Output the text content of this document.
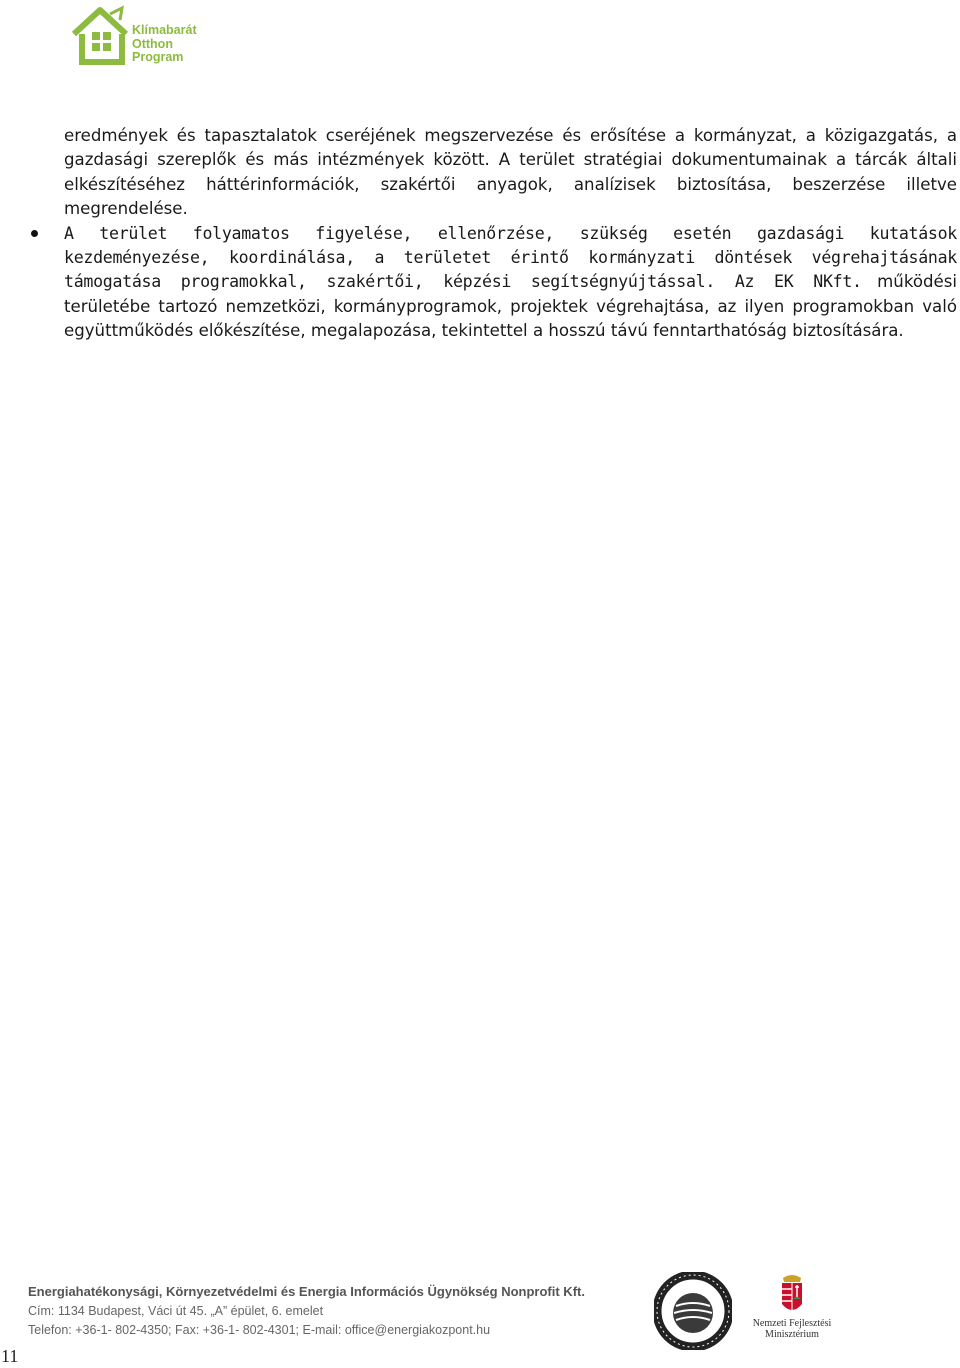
Klímabarát
Otthon
Program

eredmények és tapasztalatok cseréjének megszervezése és erősítése a kormányzat, a közigazgatás, a gazdasági szereplők és más intézmények között. A terület stratégiai dokumentumainak a tárcák általi elkészítéséhez háttérinformációk, szakértői anyagok, analízisek biztosítása, beszerzése illetve megrendelése.

A terület folyamatos figyelése, ellenőrzése, szükség esetén gazdasági kutatások kezdeményezése, koordinálása, a területet érintő kormányzati döntések végrehajtásának támogatása programokkal, szakértői, képzési segítségnyújtással. Az EK NKft. működési területébe tartozó nemzetközi, kormányprogramok, projektek végrehajtása, az ilyen programokban való együttműködés előkészítése, megalapozása, tekintettel a hosszú távú fenntarthatóság biztosítására.

Energiahatékonysági, Környezetvédelmi és Energia Információs Ügynökség Nonprofit Kft.
Cím: 1134 Budapest, Váci út 45. „A” épület, 6. emelet
Telefon: +36-1- 802-4350; Fax: +36-1- 802-4301; E-mail: office@energiakozpont.hu	Nemzeti Fejlesztési
Minisztérium
11
